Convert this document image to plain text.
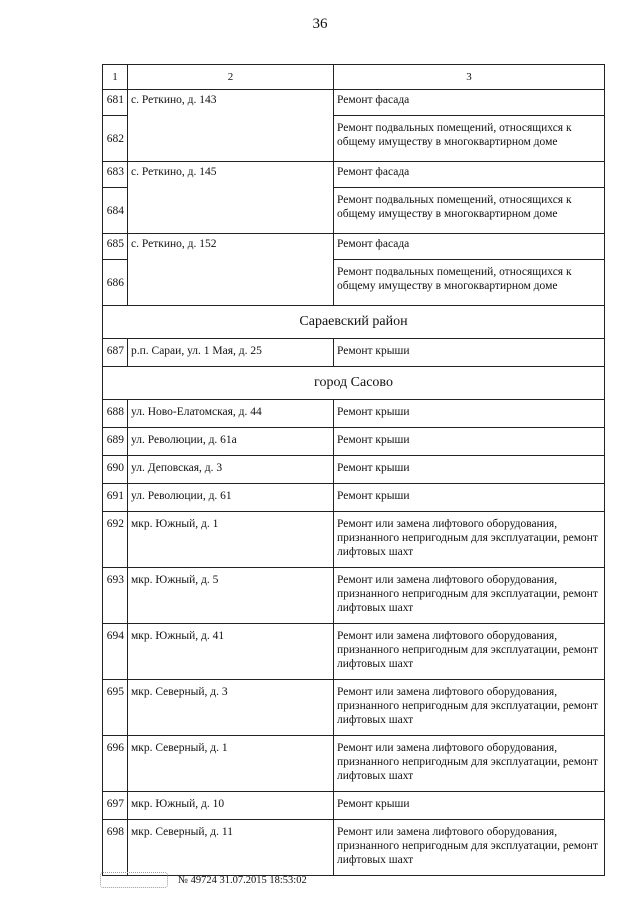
36
1	2	3
681	с. Реткино, д. 143	Ремонт фасада
682		Ремонт подвальных помещений, относящихся к общему имуществу в многоквартирном доме
683	с. Реткино, д. 145	Ремонт фасада
684		Ремонт подвальных помещений, относящихся к общему имуществу в многоквартирном доме
685	с. Реткино, д. 152	Ремонт фасада
686		Ремонт подвальных помещений, относящихся к общему имуществу в многоквартирном доме
Сараевский район		
687	р.п. Сараи, ул. 1 Мая, д. 25	Ремонт крыши
город Сасово		
688	ул. Ново-Елатомская, д. 44	Ремонт крыши
689	ул. Революции, д. 61а	Ремонт крыши
690	ул. Деповская, д. 3	Ремонт крыши
691	ул. Революции, д. 61	Ремонт крыши
692	мкр. Южный, д. 1	Ремонт или замена лифтового оборудования, признанного непригодным для эксплуатации, ремонт лифтовых шахт
693	мкр. Южный, д. 5	Ремонт или замена лифтового оборудования, признанного непригодным для эксплуатации, ремонт лифтовых шахт
694	мкр. Южный, д. 41	Ремонт или замена лифтового оборудования, признанного непригодным для эксплуатации, ремонт лифтовых шахт
695	мкр. Северный, д. 3	Ремонт или замена лифтового оборудования, признанного непригодным для эксплуатации, ремонт лифтовых шахт
696	мкр. Северный, д. 1	Ремонт или замена лифтового оборудования, признанного непригодным для эксплуатации, ремонт лифтовых шахт
697	мкр. Южный, д. 10	Ремонт крыши
698	мкр. Северный, д. 11	Ремонт или замена лифтового оборудования, признанного непригодным для эксплуатации, ремонт лифтовых шахт
№ 49724 31.07.2015 18:53:02
